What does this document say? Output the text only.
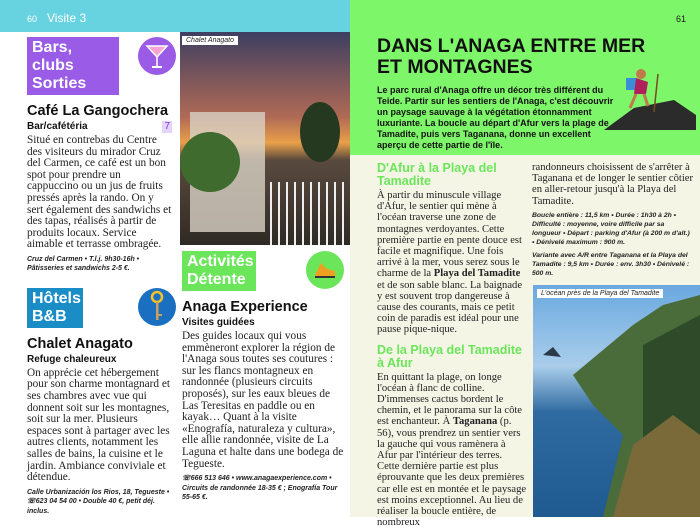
60 Visite 3
Bars, clubs Sorties
Café La Gangochera
Bar/cafétéria	7
Situé en contrebas du Centre des visiteurs du mirador Cruz del Carmen, ce café est un bon spot pour prendre un cappuccino ou un jus de fruits pressés après la rando. On y sert également des sandwichs et des tapas, réalisés à partir de produits locaux. Service aimable et terrasse ombragée.
Cruz del Carmen • T.l.j. 9h30-16h • Pâtisseries et sandwichs 2-5 €.
Hôtels B&B
Chalet Anagato
Refuge chaleureux
On apprécie cet hébergement pour son charme montagnard et ses chambres avec vue qui donnent soit sur les montagnes, soit sur la mer. Plusieurs espaces sont à partager avec les autres clients, notamment les salles de bains, la cuisine et le jardin. Ambiance conviviale et détendue.
Calle Urbanización los Rios, 18, Tegueste • ☏623 04 54 00 • Double 40 €, petit déj. inclus.
Chalet Anagato
Activités Détente
Anaga Experience
Visites guidées
Des guides locaux qui vous emmèneront explorer la région de l'Anaga sous toutes ses coutures : sur les flancs montagneux en randonnée (plusieurs circuits proposés), sur les eaux bleues de Las Teresitas en paddle ou en kayak… Quant à la visite «Enografía, naturaleza y cultura», elle allie randonnée, visite de La Laguna et halte dans une bodega de Tegueste.
☏666 513 646 • www.anagaexperience.com • Circuits de randonnée 18-35 € ; Enografía Tour 55-65 €.
61
DANS L'ANAGA ENTRE MER ET MONTAGNES
Le parc rural d'Anaga offre un décor très différent du Teide. Partir sur les sentiers de l'Anaga, c'est découvrir un paysage sauvage à la végétation étonnamment luxuriante. La boucle au départ d'Afur vers la plage de Tamadite, puis vers Taganana, donne un excellent aperçu de cette partie de l'île.
D'Afur à la Playa del Tamadite
À partir du minuscule village d'Afur, le sentier qui mène à l'océan traverse une zone de montagnes verdoyantes. Cette première partie en pente douce est facile et magnifique. Une fois arrivé à la mer, vous serez sous le charme de la Playa del Tamadite et de son sable blanc. La baignade y est souvent trop dangereuse à cause des courants, mais ce petit coin de paradis est idéal pour une pause pique-nique.
De la Playa del Tamadite à Afur
En quittant la plage, on longe l'océan à flanc de colline. D'immenses cactus bordent le chemin, et le panorama sur la côte est enchanteur. À Taganana (p. 56), vous prendrez un sentier vers la gauche qui vous ramènera à Afur par l'intérieur des terres. Cette dernière partie est plus éprouvante que les deux premières car elle est en montée et le paysage est moins exceptionnel. Au lieu de réaliser la boucle entière, de nombreux
randonneurs choisissent de s'arrêter à Taganana et de longer le sentier côtier en aller-retour jusqu'à la Playa del Tamadite.
Boucle entière : 11,5 km • Durée : 1h30 à 2h • Difficulté : moyenne, voire difficile par sa longueur • Départ : parking d'Afur (à 200 m d'alt.) • Dénivelé maximum : 900 m.
Variante avec A/R entre Taganana et la Playa del Tamadite : 9,5 km • Durée : env. 3h30 • Dénivelé : 500 m.
L'océan près de la Playa del Tamadite
